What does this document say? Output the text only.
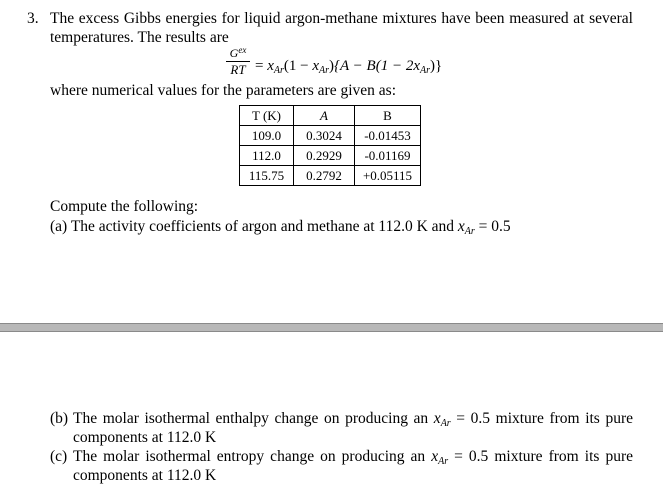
3. The excess Gibbs energies for liquid argon-methane mixtures have been measured at several
temperatures. The results are
$G^{ex}$
RT = $x_{Ar}(1 - x_{Ar})\{A - B(1 - 2x_{Ar})\}$
where numerical values for the parameters are given as:
T (K)	A	B
109.0	0.3024	-0.01453
112.0	0.2929	-0.01169
115.75	0.2792	+0.05115
Compute the following:
(a) The activity coefficients of argon and methane at 112.0 K and $x_{Ar} = 0.5$
(b) The molar isothermal enthalpy change on producing an $x_{Ar} = 0.5$ mixture from its pure
components at 112.0 K
(c) The molar isothermal entropy change on producing an $x_{Ar} = 0.5$ mixture from its pure
components at 112.0 K
